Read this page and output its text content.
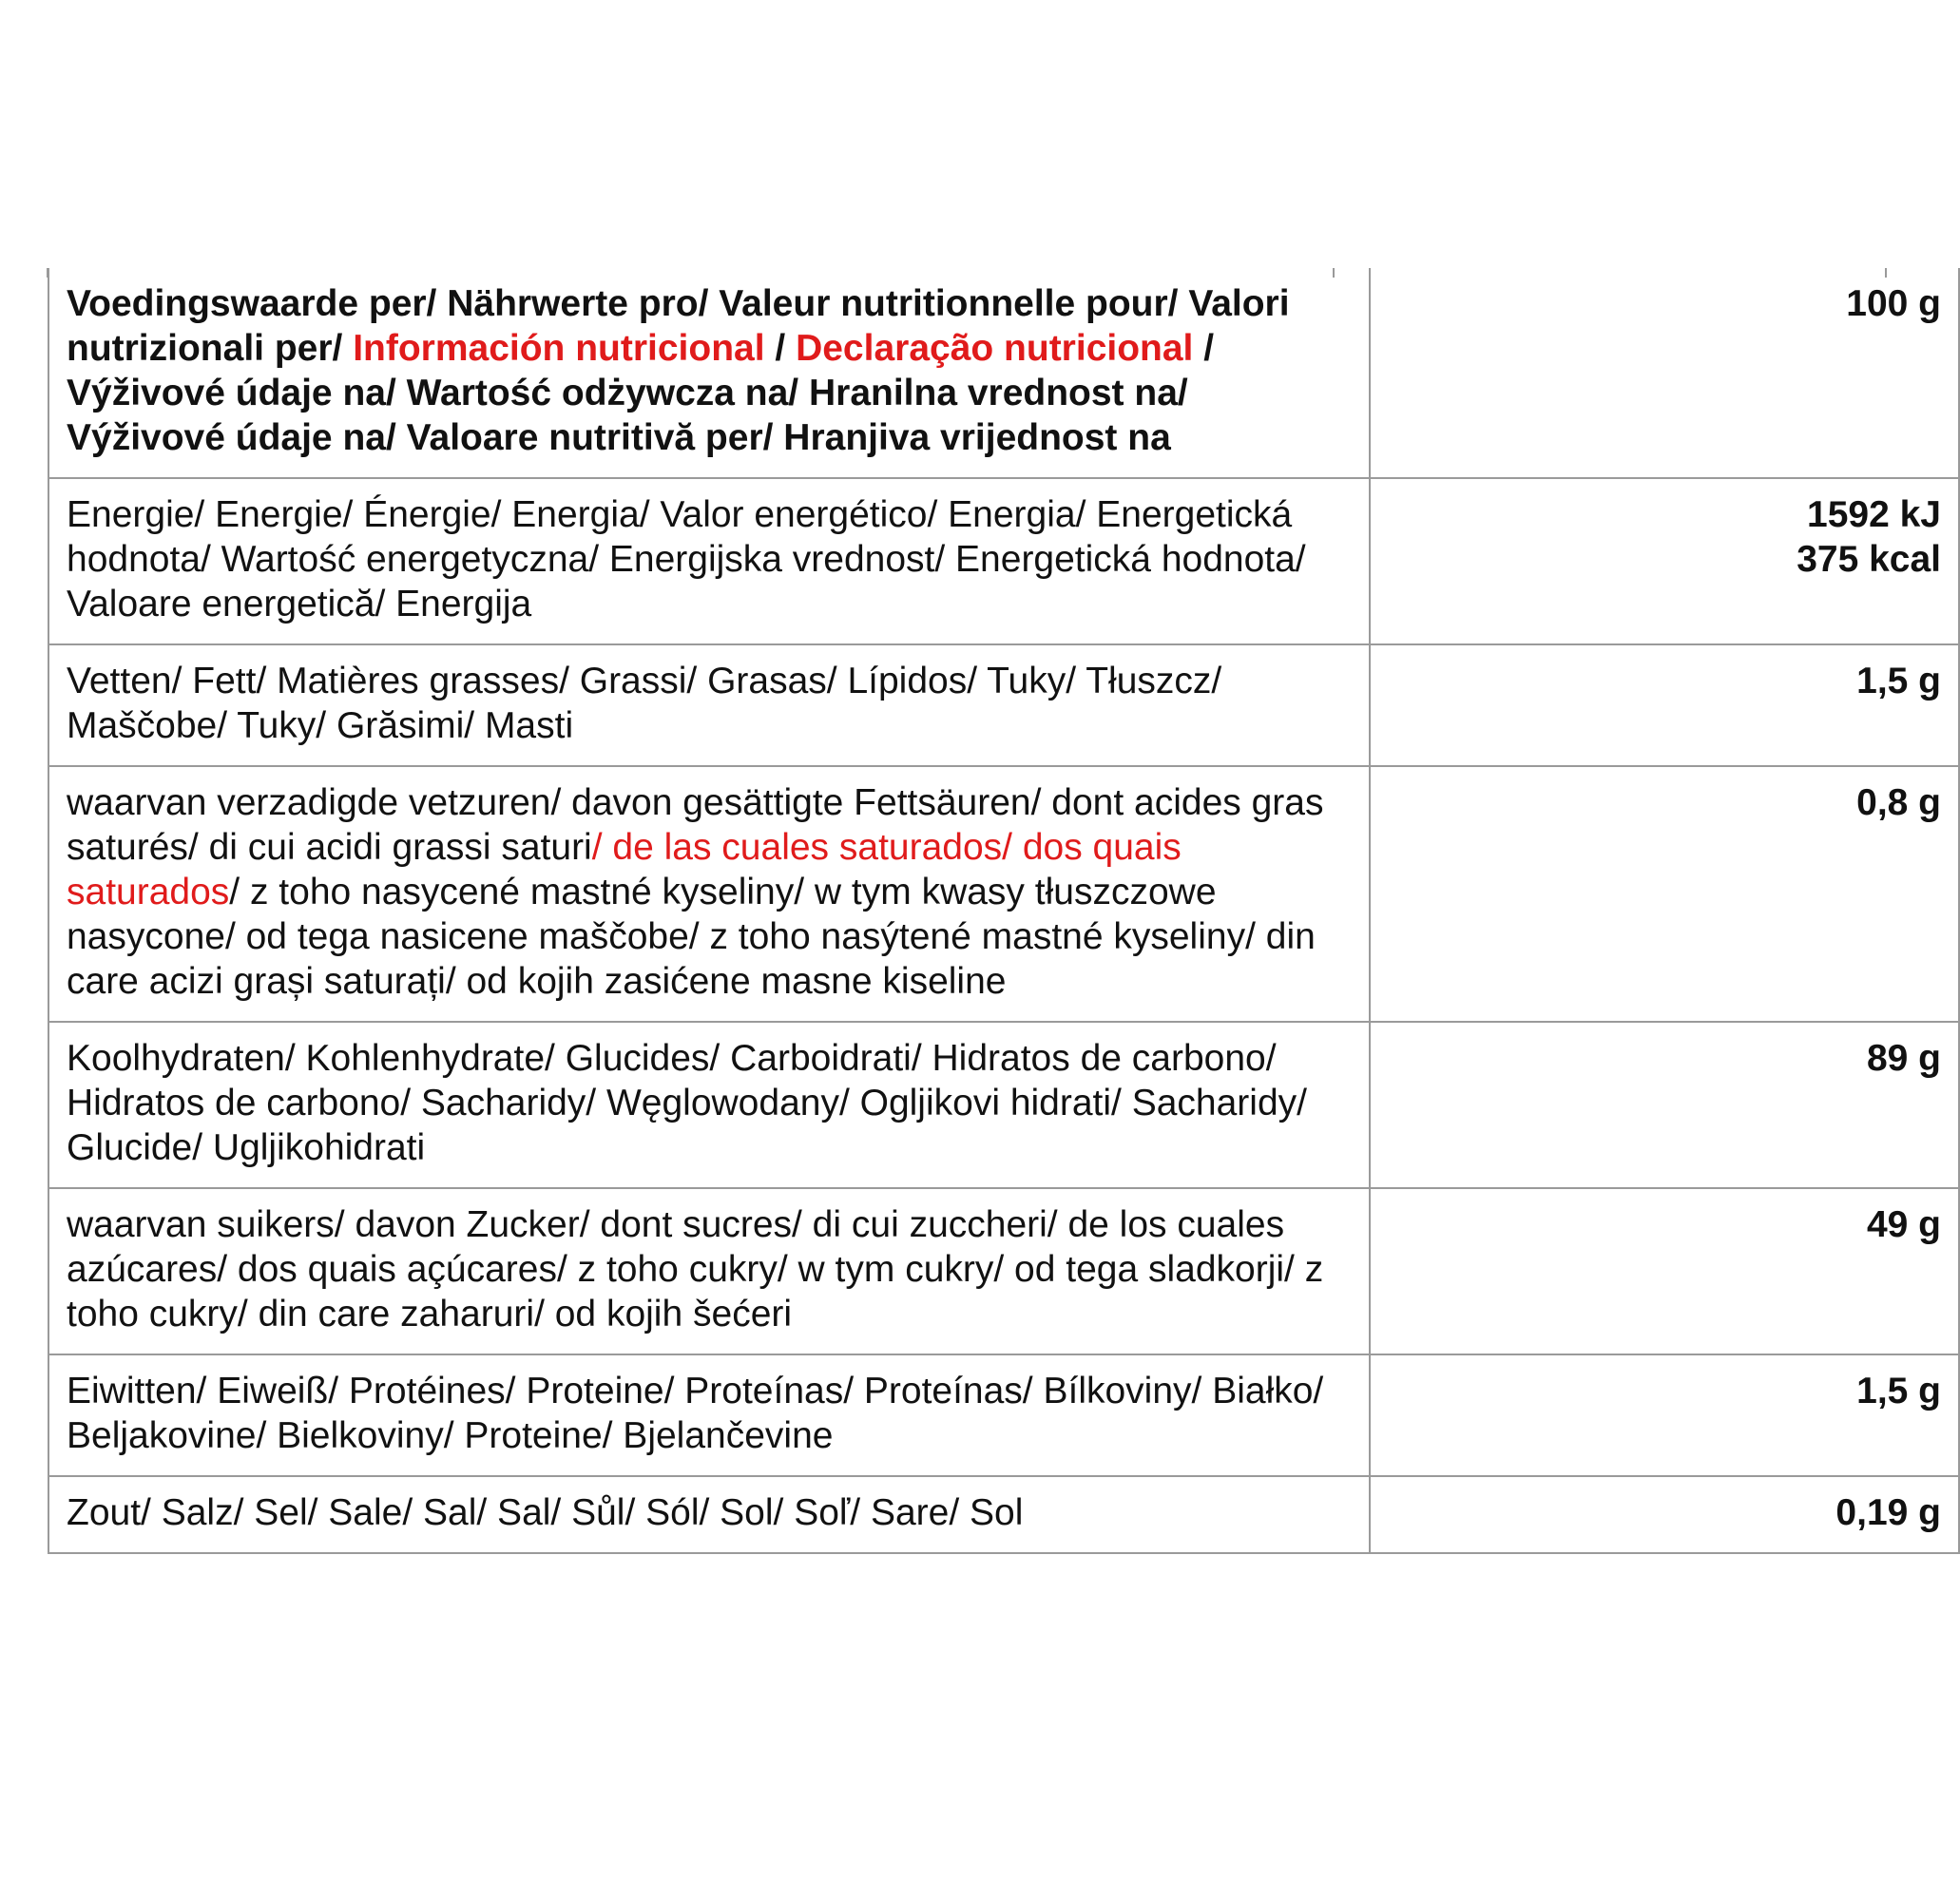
Voedingswaarde per/ Nährwerte pro/ Valeur nutritionnelle pour/ Valori nutrizionali per/ Información nutricional / Declaração nutricional / Výživové údaje na/ Wartość odżywcza na/ Hranilna vrednost na/ Výživové údaje na/ Valoare nutritivă per/ Hranjiva vrijednost na	100 g

Energie/ Energie/ Énergie/ Energia/ Valor energético/ Energia/ Energetická hodnota/ Wartość energetyczna/ Energijska vrednost/ Energetická hodnota/ Valoare energetică/ Energija	1592 kJ
375 kcal

Vetten/ Fett/ Matières grasses/ Grassi/ Grasas/ Lípidos/ Tuky/ Tłuszcz/ Maščobe/ Tuky/ Grăsimi/ Masti	1,5 g

waarvan verzadigde vetzuren/ davon gesättigte Fettsäuren/ dont acides gras saturés/ di cui acidi grassi saturi/ de las cuales saturados/ dos quais saturados/ z toho nasycené mastné kyseliny/ w tym kwasy tłuszczowe nasycone/ od tega nasicene maščobe/ z toho nasýtené mastné kyseliny/ din care acizi grași saturați/ od kojih zasićene masne kiseline	0,8 g

Koolhydraten/ Kohlenhydrate/ Glucides/ Carboidrati/ Hidratos de carbono/ Hidratos de carbono/ Sacharidy/ Węglowodany/ Ogljikovi hidrati/ Sacharidy/ Glucide/ Ugljikohidrati	89 g

waarvan suikers/ davon Zucker/ dont sucres/ di cui zuccheri/ de los cuales azúcares/ dos quais açúcares/ z toho cukry/ w tym cukry/ od tega sladkorji/ z toho cukry/ din care zaharuri/ od kojih šećeri	49 g

Eiwitten/ Eiweiß/ Protéines/ Proteine/ Proteínas/ Proteínas/ Bílkoviny/ Białko/ Beljakovine/ Bielkoviny/ Proteine/ Bjelančevine	1,5 g

Zout/ Salz/ Sel/ Sale/ Sal/ Sal/ Sůl/ Sól/ Sol/ Soľ/ Sare/ Sol	0,19 g
